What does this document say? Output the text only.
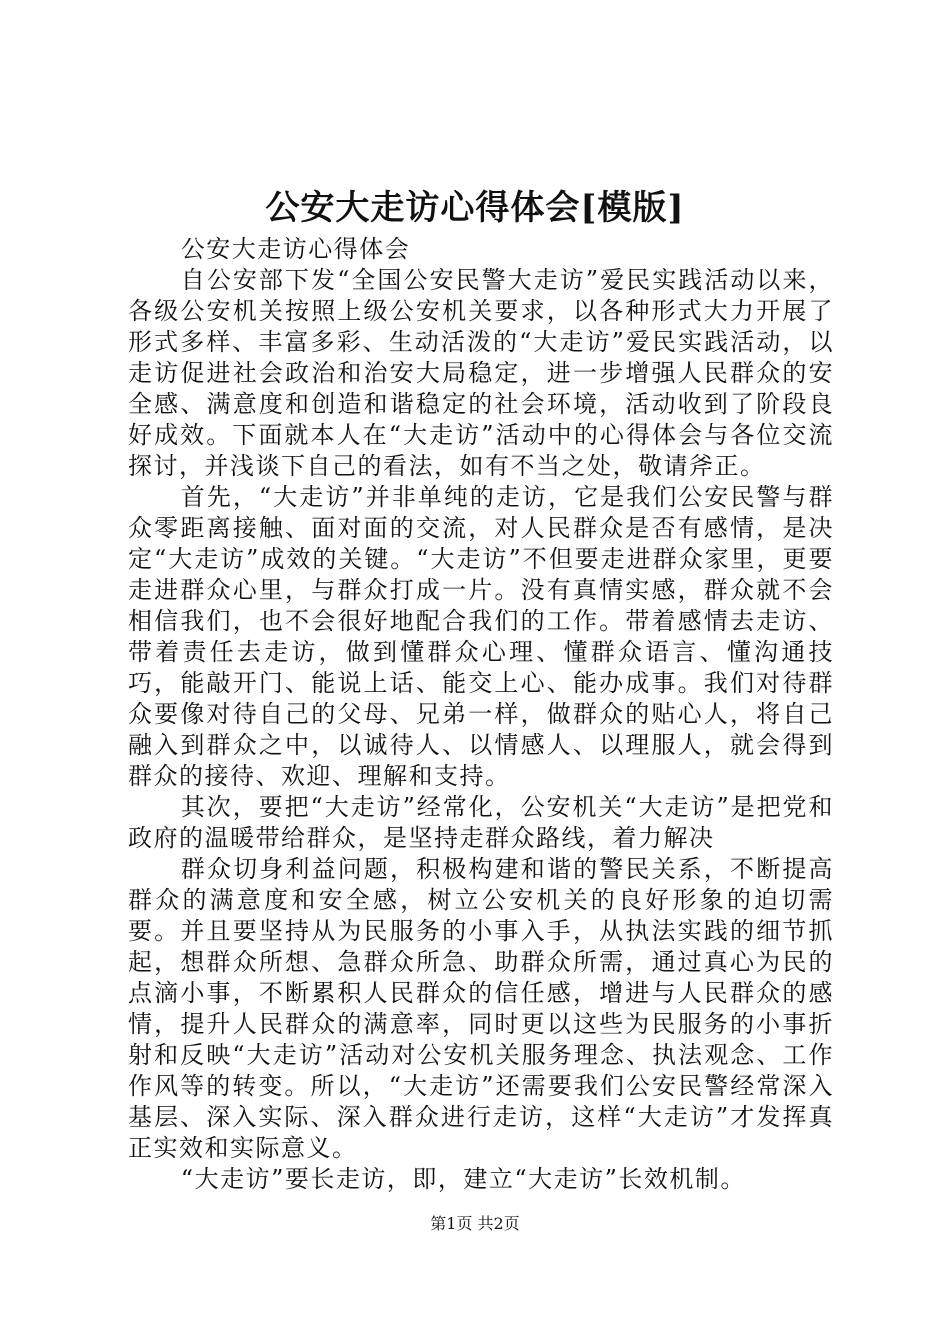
公安大走访心得体会[模版]

公安大走访心得体会

自公安部下发“全国公安民警大走访”爱民实践活动以来，各级公安机关按照上级公安机关要求，以各种形式大力开展了形式多样、丰富多彩、生动活泼的“大走访”爱民实践活动，以走访促进社会政治和治安大局稳定，进一步增强人民群众的安全感、满意度和创造和谐稳定的社会环境，活动收到了阶段良好成效。下面就本人在“大走访”活动中的心得体会与各位交流探讨，并浅谈下自己的看法，如有不当之处，敬请斧正。

首先，“大走访”并非单纯的走访，它是我们公安民警与群众零距离接触、面对面的交流，对人民群众是否有感情，是决定“大走访”成效的关键。“大走访”不但要走进群众家里，更要走进群众心里，与群众打成一片。没有真情实感，群众就不会相信我们，也不会很好地配合我们的工作。带着感情去走访、带着责任去走访，做到懂群众心理、懂群众语言、懂沟通技巧，能敲开门、能说上话、能交上心、能办成事。我们对待群众要像对待自己的父母、兄弟一样，做群众的贴心人，将自己融入到群众之中，以诚待人、以情感人、以理服人，就会得到群众的接待、欢迎、理解和支持。

其次，要把“大走访”经常化，公安机关“大走访”是把党和政府的温暖带给群众，是坚持走群众路线，着力解决

群众切身利益问题，积极构建和谐的警民关系，不断提高群众的满意度和安全感，树立公安机关的良好形象的迫切需要。并且要坚持从为民服务的小事入手，从执法实践的细节抓起，想群众所想、急群众所急、助群众所需，通过真心为民的点滴小事，不断累积人民群众的信任感，增进与人民群众的感情，提升人民群众的满意率，同时更以这些为民服务的小事折射和反映“大走访”活动对公安机关服务理念、执法观念、工作作风等的转变。所以，“大走访”还需要我们公安民警经常深入基层、深入实际、深入群众进行走访，这样“大走访”才发挥真正实效和实际意义。

“大走访”要长走访，即，建立“大走访”长效机制。

第1页 共2页
